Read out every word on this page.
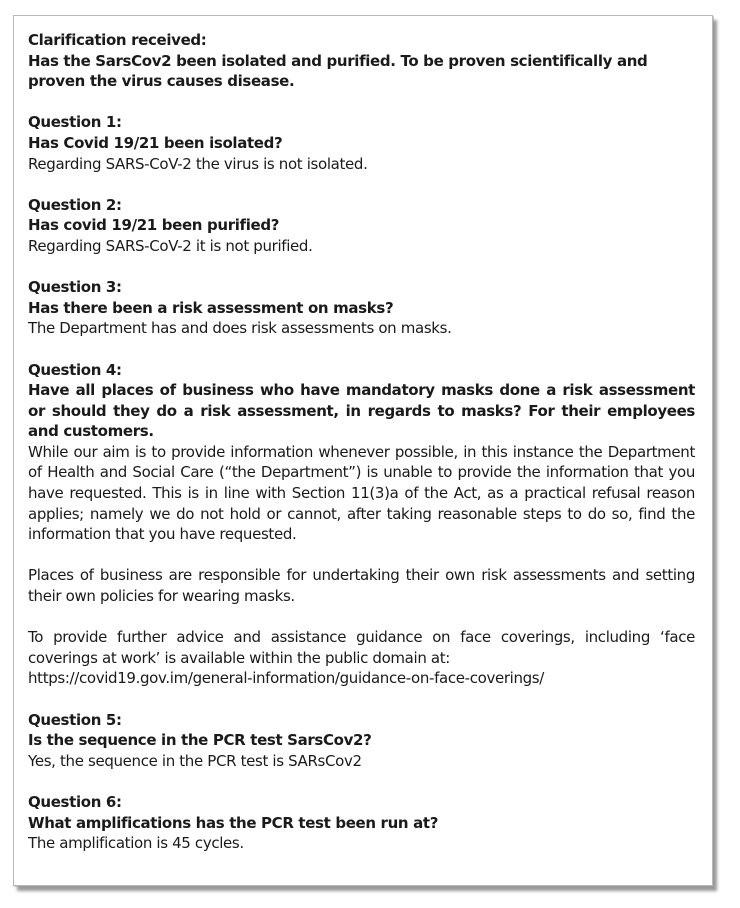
Clarification received:

Has the SarsCov2 been isolated and purified. To be proven scientifically and proven the virus causes disease.

Question 1:

Has Covid 19/21 been isolated?

Regarding SARS-CoV-2 the virus is not isolated.

Question 2:

Has covid 19/21 been purified?

Regarding SARS-CoV-2 it is not purified.

Question 3:

Has there been a risk assessment on masks?

The Department has and does risk assessments on masks.

Question 4:

Have all places of business who have mandatory masks done a risk assessment or should they do a risk assessment, in regards to masks? For their employees and customers.

While our aim is to provide information whenever possible, in this instance the Department of Health and Social Care (“the Department”) is unable to provide the information that you have requested. This is in line with Section 11(3)a of the Act, as a practical refusal reason applies; namely we do not hold or cannot, after taking reasonable steps to do so, find the information that you have requested.

Places of business are responsible for undertaking their own risk assessments and setting their own policies for wearing masks.

To provide further advice and assistance guidance on face coverings, including ‘face coverings at work’ is available within the public domain at:

https://covid19.gov.im/general-information/guidance-on-face-coverings/

Question 5:

Is the sequence in the PCR test SarsCov2?

Yes, the sequence in the PCR test is SARsCov2

Question 6:

What amplifications has the PCR test been run at?

The amplification is 45 cycles.
